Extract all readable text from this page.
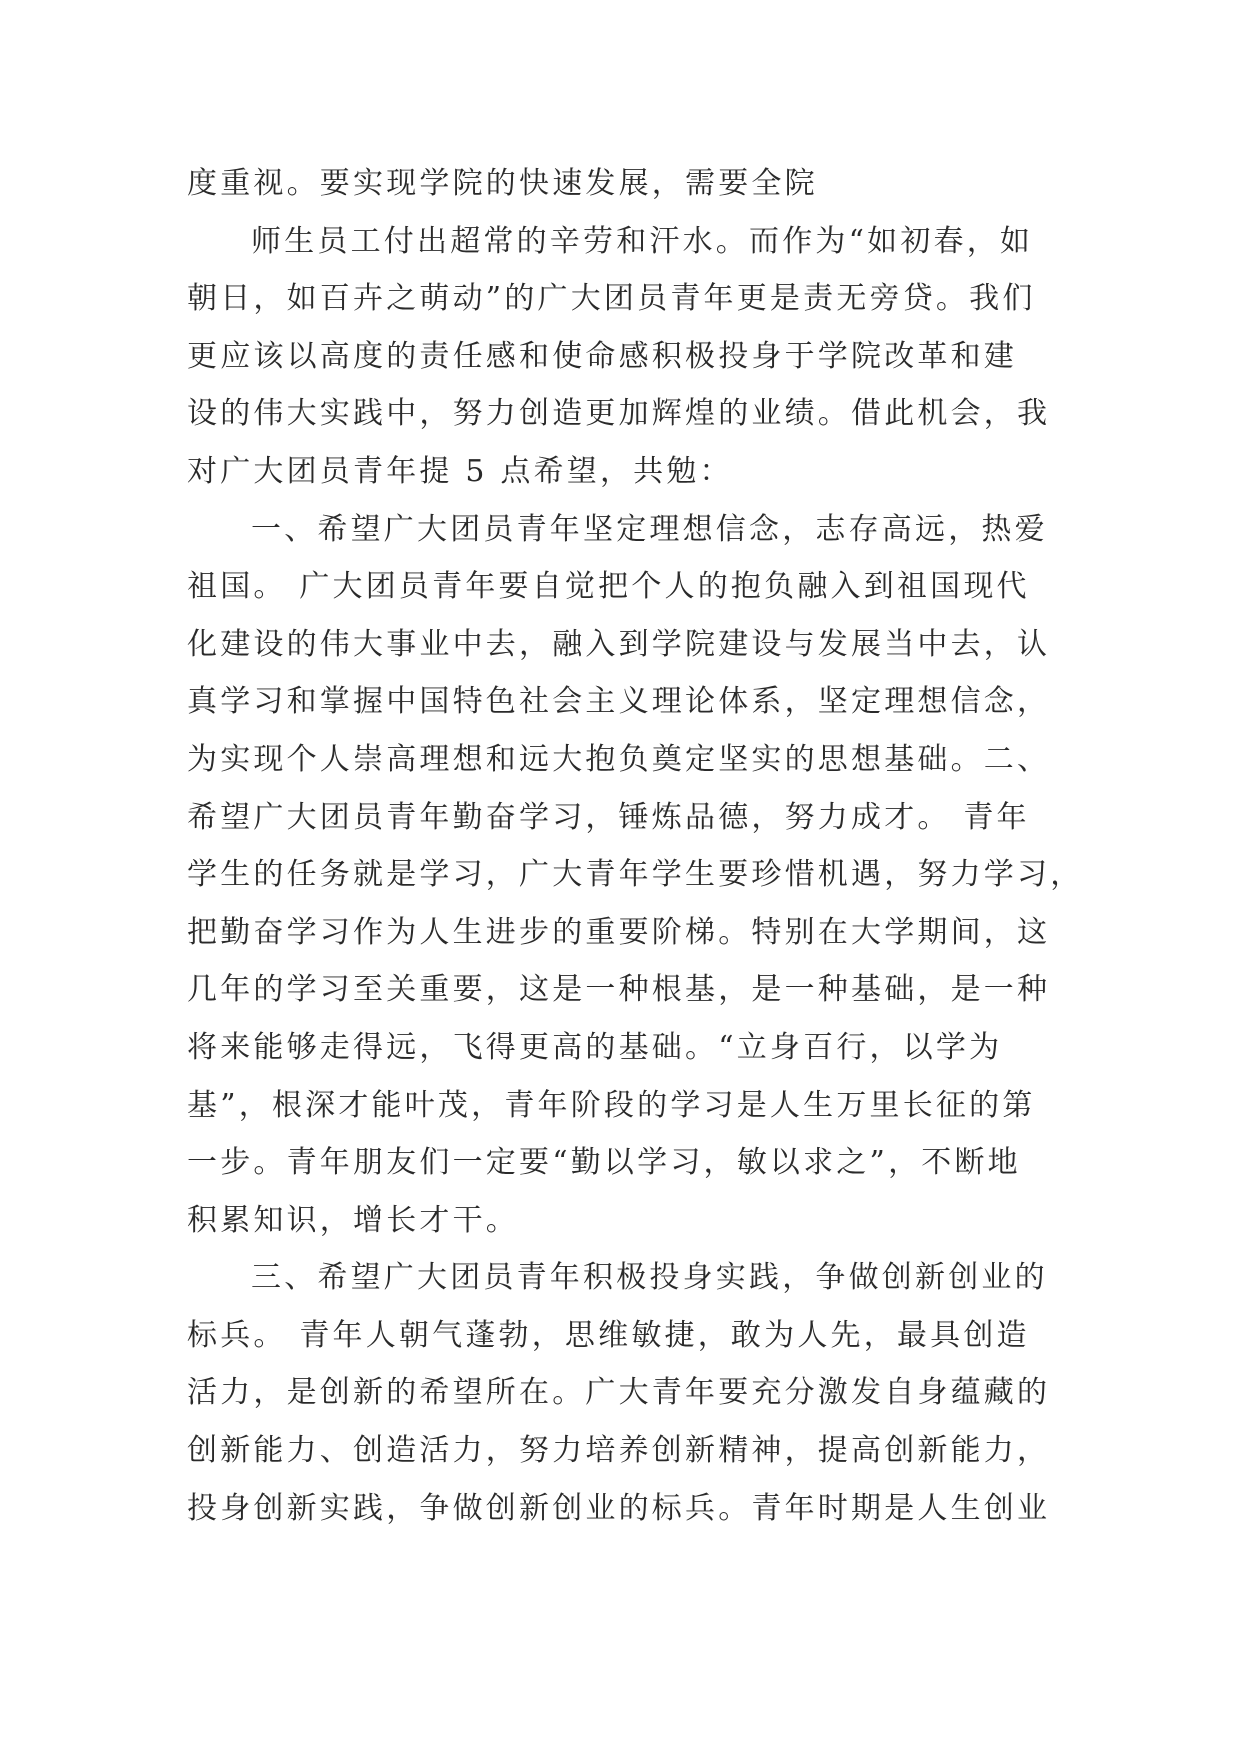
度重视。要实现学院的快速发展，需要全院
师生员工付出超常的辛劳和汗水。而作为“如初春，如
朝日，如百卉之萌动”的广大团员青年更是责无旁贷。我们
更应该以高度的责任感和使命感积极投身于学院改革和建
设的伟大实践中，努力创造更加辉煌的业绩。借此机会，我
对广大团员青年提 5 点希望，共勉：
一、希望广大团员青年坚定理想信念，志存高远，热爱
祖国。 广大团员青年要自觉把个人的抱负融入到祖国现代
化建设的伟大事业中去，融入到学院建设与发展当中去，认
真学习和掌握中国特色社会主义理论体系，坚定理想信念，
为实现个人崇高理想和远大抱负奠定坚实的思想基础。二、
希望广大团员青年勤奋学习，锤炼品德，努力成才。 青年
学生的任务就是学习，广大青年学生要珍惜机遇，努力学习，
把勤奋学习作为人生进步的重要阶梯。特别在大学期间，这
几年的学习至关重要，这是一种根基，是一种基础，是一种
将来能够走得远，飞得更高的基础。“立身百行，以学为
基”，根深才能叶茂，青年阶段的学习是人生万里长征的第
一步。青年朋友们一定要“勤以学习，敏以求之”，不断地
积累知识，增长才干。
三、希望广大团员青年积极投身实践，争做创新创业的
标兵。 青年人朝气蓬勃，思维敏捷，敢为人先，最具创造
活力，是创新的希望所在。广大青年要充分激发自身蕴藏的
创新能力、创造活力，努力培养创新精神，提高创新能力，
投身创新实践，争做创新创业的标兵。青年时期是人生创业
